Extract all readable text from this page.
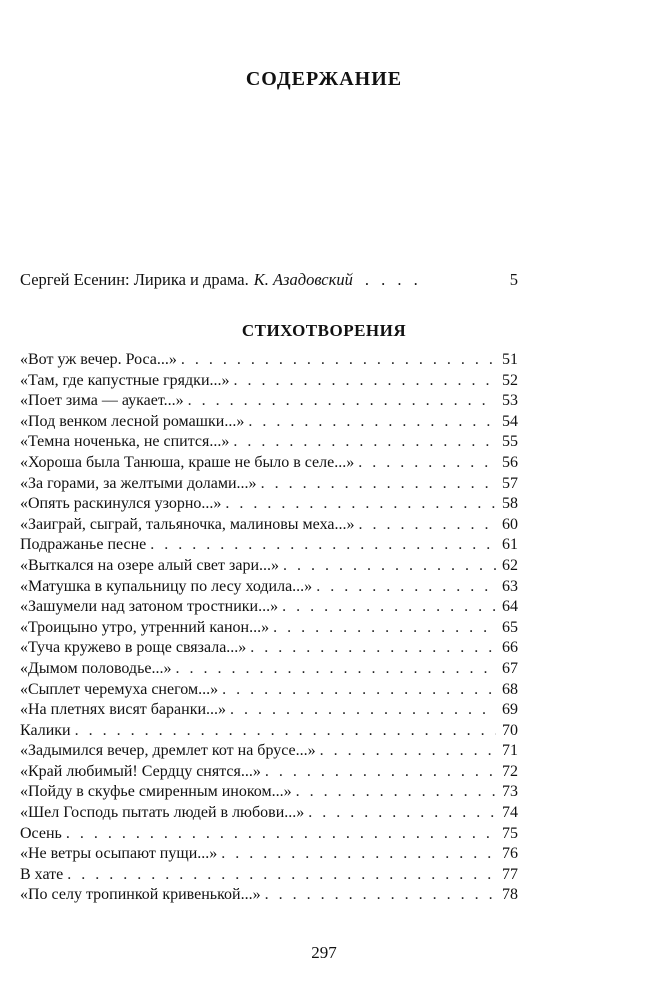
СОДЕРЖАНИЕ
Сергей Есенин: Лирика и драма. К. Азадовский . . . .	5
СТИХОТВОРЕНИЯ
«Вот уж вечер. Роса...» . . .	51
«Там, где капустные грядки...» . . .	52
«Поет зима — аукает...» . . .	53
«Под венком лесной ромашки...» . . .	54
«Темна ноченька, не спится...» . . .	55
«Хороша была Танюша, краше не было в селе...» . . .	56
«За горами, за желтыми долами...» . . .	57
«Опять раскинулся узорно...» . . .	58
«Заиграй, сыграй, тальяночка, малиновы меха...» . . .	60
Подражанье песне . . .	61
«Выткался на озере алый свет зари...» . . .	62
«Матушка в купальницу по лесу ходила...» . . .	63
«Зашумели над затоном тростники...» . . .	64
«Троицыно утро, утренний канон...» . . .	65
«Туча кружево в роще связала...» . . .	66
«Дымом половодье...» . . .	67
«Сыплет черемуха снегом...» . . .	68
«На плетнях висят баранки...» . . .	69
Калики . . .	70
«Задымился вечер, дремлет кот на брусе...» . . .	71
«Край любимый! Сердцу снятся...» . . .	72
«Пойду в скуфье смиренным иноком...» . . .	73
«Шел Господь пытать людей в любови...» . . .	74
Осень . . .	75
«Не ветры осыпают пущи...» . . .	76
В хате . . .	77
«По селу тропинкой кривенькой...» . . .	78
297
